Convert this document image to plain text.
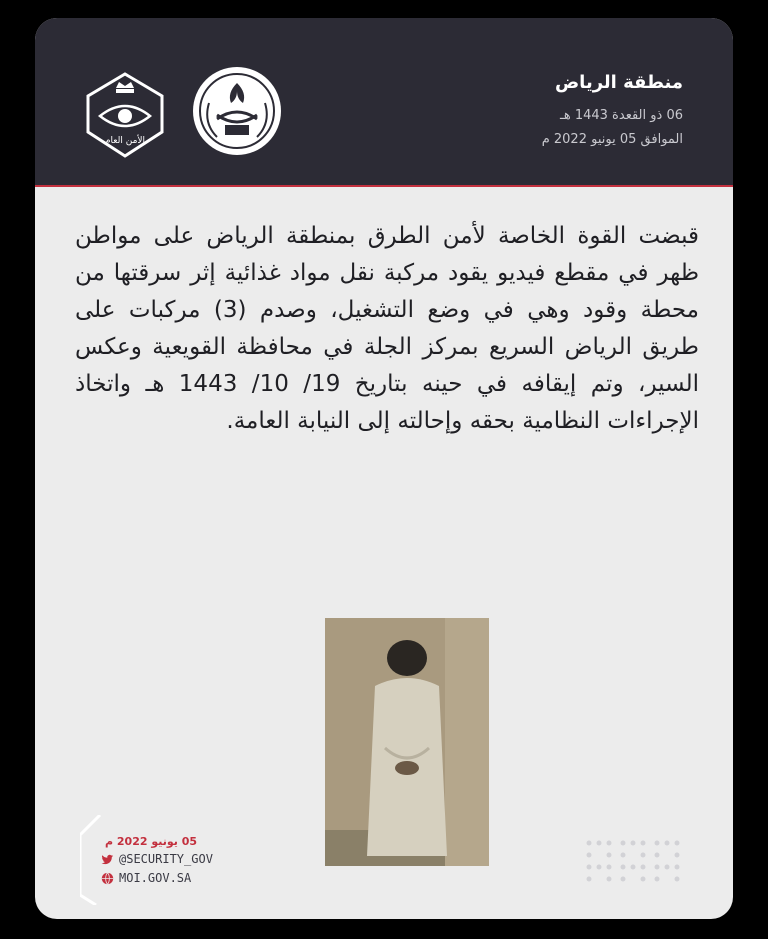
منطقة الرياض
06 ذو القعدة 1443 هـ
الموافق 05 يونيو 2022 م
الأمن العام
قبضت القوة الخاصة لأمن الطرق بمنطقة الرياض على مواطن ظهر في مقطع فيديو يقود مركبة نقل مواد غذائية إثر سرقتها من محطة وقود وهي في وضع التشغيل، وصدم (3) مركبات على طريق الرياض السريع بمركز الجلة في محافظة القويعية وعكس السير، وتم إيقافه في حينه بتاريخ 19/ 10/ 1443 هـ واتخاذ الإجراءات النظامية بحقه وإحالته إلى النيابة العامة.
05 يونيو 2022 م
@SECURITY_GOV
MOI.GOV.SA
